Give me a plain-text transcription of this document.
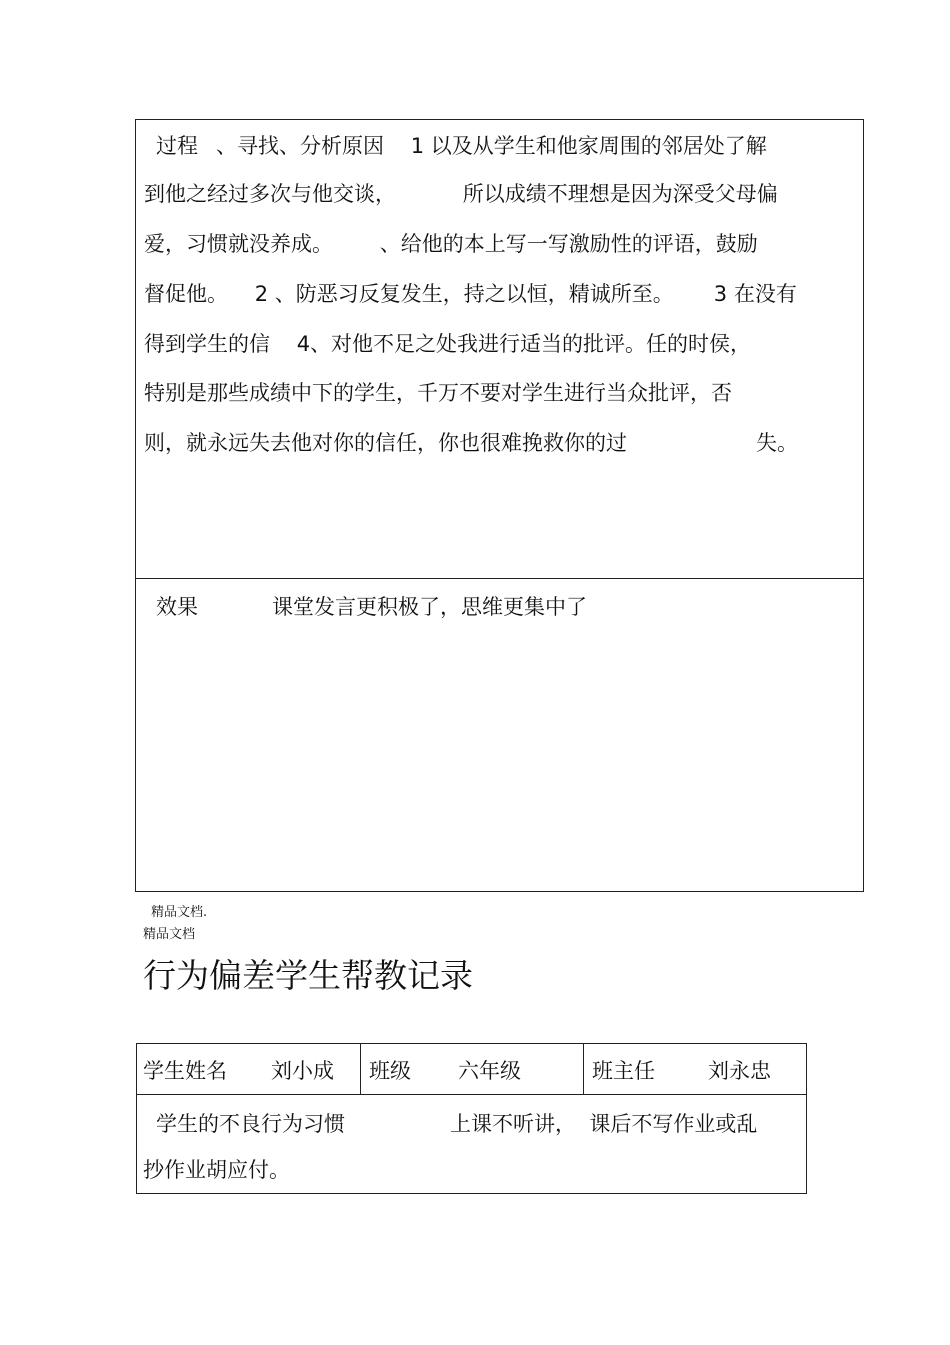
过程 、寻找、分析原因    1 以及从学生和他家周围的邻居处了解
到他之经过多次与他交谈，          所以成绩不理想是因为深受父母偏
爱，习惯就没养成。       、给他的本上写一写激励性的评语，鼓励
督促他。    2 、防恶习反复发生，持之以恒，精诚所至。      3 在没有
得到学生的信    4、对他不足之处我进行适当的批评。任的时侯，
特别是那些成绩中下的学生，千万不要对学生进行当众批评，否
则，就永远失去他对你的信任，你也很难挽救你的过	失。
效果	课堂发言更积极了，思维更集中了
精品文档.
精品文档
行为偏差学生帮教记录
学生姓名 刘小成 班级 六年级	班主任	刘永忠
学生的不良行为习惯	上课不听讲，  课后不写作业或乱
抄作业胡应付。
